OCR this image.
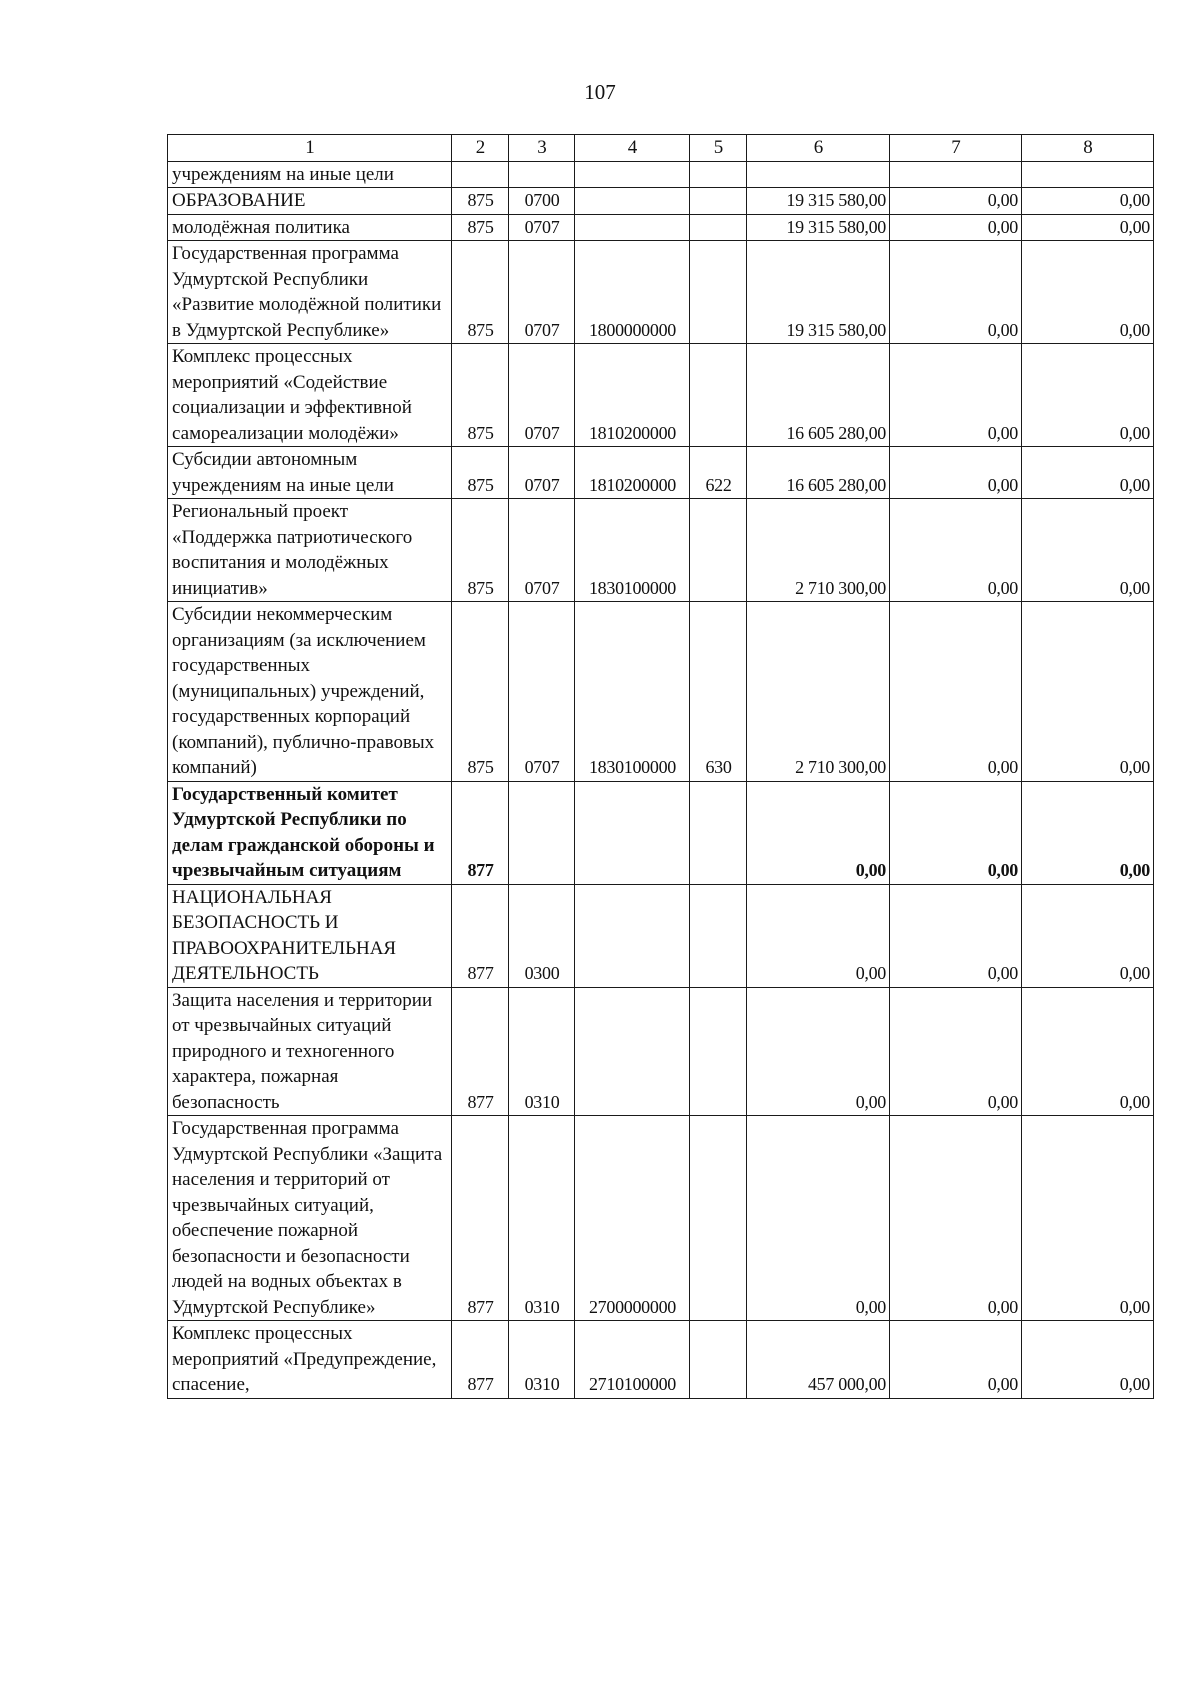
107
1	2	3	4	5	6	7	8
учреждениям на иные цели							
ОБРАЗОВАНИЕ	875	0700			19 315 580,00	0,00	0,00
молодёжная политика	875	0707			19 315 580,00	0,00	0,00
Государственная программа Удмуртской Республики «Развитие молодёжной политики в Удмуртской Республике»	875	0707	1800000000		19 315 580,00	0,00	0,00
Комплекс процессных мероприятий «Содействие социализации и эффективной самореализации молодёжи»	875	0707	1810200000		16 605 280,00	0,00	0,00
Субсидии автономным учреждениям на иные цели	875	0707	1810200000	622	16 605 280,00	0,00	0,00
Региональный проект «Поддержка патриотического воспитания и молодёжных инициатив»	875	0707	1830100000		2 710 300,00	0,00	0,00
Субсидии некоммерческим организациям (за исключением государственных (муниципальных) учреждений, государственных корпораций (компаний), публично-правовых компаний)	875	0707	1830100000	630	2 710 300,00	0,00	0,00
Государственный комитет Удмуртской Республики по делам гражданской обороны и чрезвычайным ситуациям	877				0,00	0,00	0,00
НАЦИОНАЛЬНАЯ БЕЗОПАСНОСТЬ И ПРАВООХРАНИТЕЛЬНАЯ ДЕЯТЕЛЬНОСТЬ	877	0300			0,00	0,00	0,00
Защита населения и территории от чрезвычайных ситуаций природного и техногенного характера, пожарная безопасность	877	0310			0,00	0,00	0,00
Государственная программа Удмуртской Республики «Защита населения и территорий от чрезвычайных ситуаций, обеспечение пожарной безопасности и безопасности людей на водных объектах в Удмуртской Республике»	877	0310	2700000000		0,00	0,00	0,00
Комплекс процессных мероприятий «Предупреждение, спасение,	877	0310	2710100000		457 000,00	0,00	0,00
